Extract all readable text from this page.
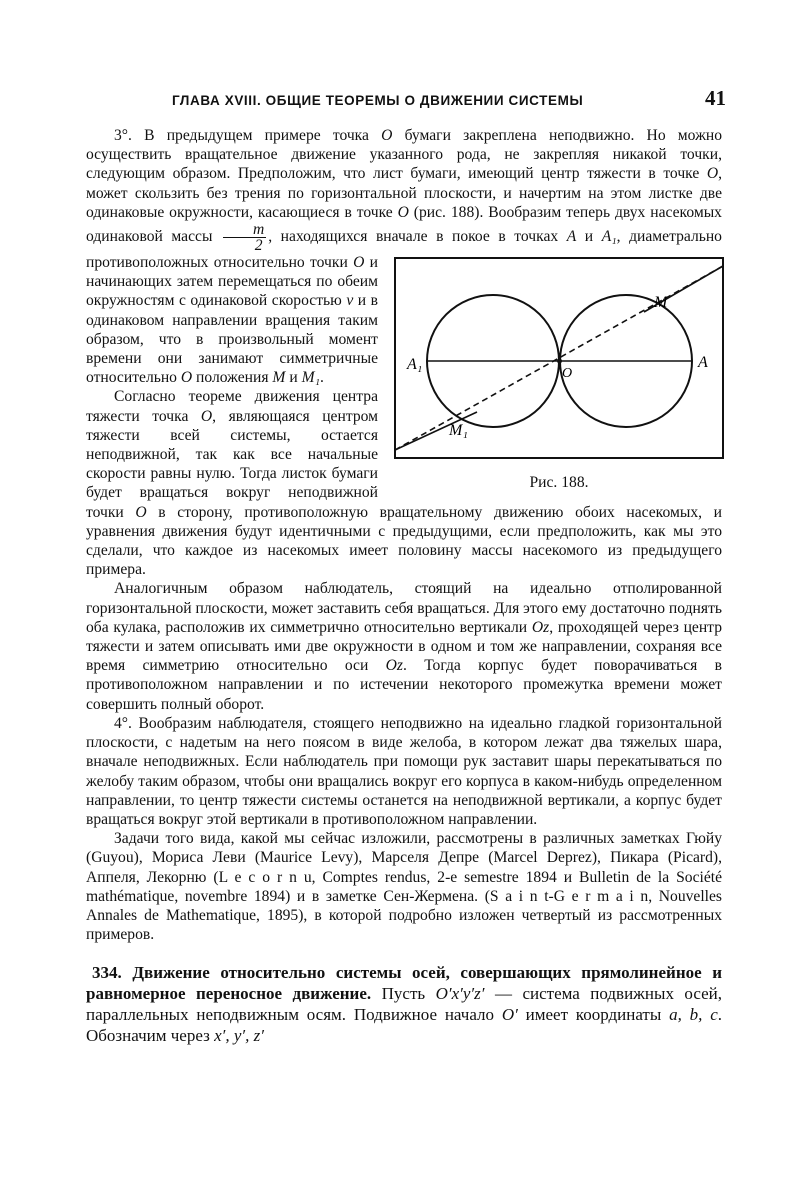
ГЛАВА XVIII. ОБЩИЕ ТЕОРЕМЫ О ДВИЖЕНИИ СИСТЕМЫ	41

3°. В предыдущем примере точка O бумаги закреплена неподвижно. Но можно осуществить вращательное движение указанного рода, не закрепляя никакой точки, следующим образом. Предположим, что лист бумаги, имеющий центр тяжести в точке O, может скользить без трения по горизонтальной плоскости, и начертим на этом листке две одинаковые окружности, касающиеся в точке O (рис. 188). Вообразим теперь двух насекомых одинаковой массы $\frac{m}{2}$ , находящихся вначале в покое в точках A и A₁, диаметрально противоположных относительно точки O
A₁	A
O
M
M₁
Рис. 188.
и начинающих затем перемещаться по обеим окружностям с одинаковой скоростью v и в одинаковом направлении вращения таким образом, что в произвольный момент времени они занимают симметричные относительно O положения M и M₁.

Согласно теореме движения центра тяжести точка O, являющаяся центром тяжести всей системы, остается неподвижной, так как все начальные скорости равны нулю. Тогда листок бумаги будет вращаться вокруг неподвижной точки O в сторону, противоположную вращательному движению обоих насекомых, и уравнения движения будут идентичными с предыдущими, если предположить, как мы это сделали, что каждое из насекомых имеет половину массы насекомого из предыдущего примера.

Аналогичным образом наблюдатель, стоящий на идеально отполированной горизонтальной плоскости, может заставить себя вращаться. Для этого ему достаточно поднять оба кулака, расположив их симметрично относительно вертикали Oz, проходящей через центр тяжести и затем описывать ими две окружности в одном и том же направлении, сохраняя все время симметрию относительно оси Oz. Тогда корпус будет поворачиваться в противоположном направлении и по истечении некоторого промежутка времени может совершить полный оборот.

4°. Вообразим наблюдателя, стоящего неподвижно на идеально гладкой горизонтальной плоскости, с надетым на него поясом в виде желоба, в котором лежат два тяжелых шара, вначале неподвижных. Если наблюдатель при помощи рук заставит шары перекатываться по желобу таким образом, чтобы они вращались вокруг его корпуса в каком-нибудь определенном направлении, то центр тяжести системы останется на неподвижной вертикали, а корпус будет вращаться вокруг этой вертикали в противоположном направлении.

Задачи того вида, какой мы сейчас изложили, рассмотрены в различных заметках Гюйу (Guyou), Мориса Леви (Maurice Levy), Марселя Депре (Marcel Deprez), Пикара (Picard), Аппеля, Лекорню (L e c o r n u, Comptes rendus, 2-e semestre 1894 и Bulletin de la Société mathématique, novembre 1894) и в заметке Сен-Жермена. (S a i n t-G e r m a i n, Nouvelles Annales de Mathematique, 1895), в которой подробно изложен четвертый из рассмотренных примеров.

334. Движение относительно системы осей, совершающих прямолинейное и равномерное переносное движение. Пусть O′x′y′z′ — система подвижных осей, параллельных неподвижным осям. Подвижное начало O′ имеет координаты a, b, c. Обозначим через x′, y′, z′
